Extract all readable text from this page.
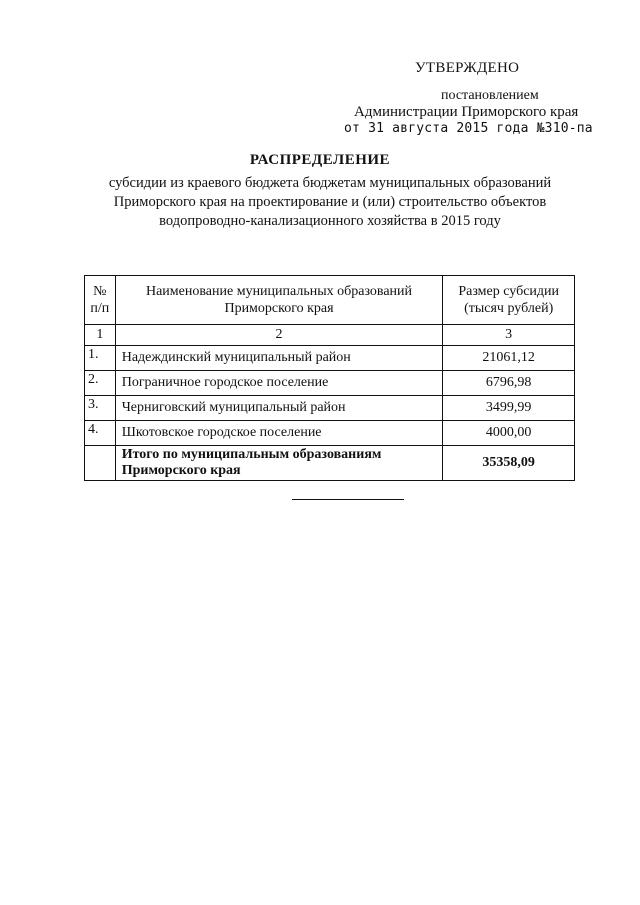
УТВЕРЖДЕНО
постановлением
Администрации Приморского края
от 31 августа 2015 года №310-па
РАСПРЕДЕЛЕНИЕ
субсидии из краевого бюджета бюджетам муниципальных образований Приморского края на проектирование и (или) строительство объектов водопроводно-канализационного хозяйства в 2015 году
№ п/п	Наименование муниципальных образований Приморского края	Размер субсидии (тысяч рублей)
1	2	3
1.	Надеждинский муниципальный район	21061,12
2.	Пограничное городское поселение	6796,98
3.	Черниговский муниципальный район	3499,99
4.	Шкотовское городское поселение	4000,00
	Итого по муниципальным образованиям Приморского края	35358,09
